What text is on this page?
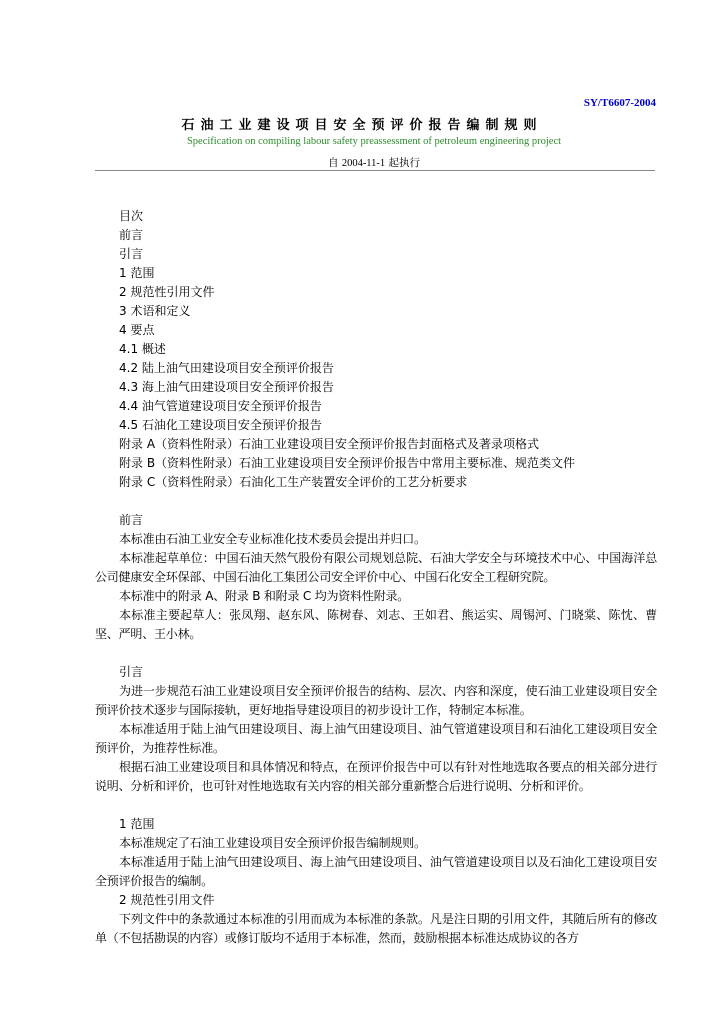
SY/T6607-2004
石油工业建设项目安全预评价报告编制规则
Specification on compiling labour safety preassessment of petroleum engineering project
自 2004-11-1 起执行
目次
前言
引言
1 范围
2 规范性引用文件
3 术语和定义
4 要点
4.1 概述
4.2 陆上油气田建设项目安全预评价报告
4.3 海上油气田建设项目安全预评价报告
4.4 油气管道建设项目安全预评价报告
4.5 石油化工建设项目安全预评价报告
附录 A（资料性附录）石油工业建设项目安全预评价报告封面格式及著录项格式
附录 B（资料性附录）石油工业建设项目安全预评价报告中常用主要标准、规范类文件
附录 C（资料性附录）石油化工生产装置安全评价的工艺分析要求
前言
本标准由石油工业安全专业标准化技术委员会提出并归口。
本标准起草单位：中国石油天然气股份有限公司规划总院、石油大学安全与环境技术中心、中国海洋总公司健康安全环保部、中国石油化工集团公司安全评价中心、中国石化安全工程研究院。
本标准中的附录 A、附录 B 和附录 C 均为资料性附录。
本标准主要起草人：张凤翔、赵东风、陈树春、刘志、王如君、熊运实、周锡河、门晓棠、陈忱、曹坚、严明、王小林。
引言
为进一步规范石油工业建设项目安全预评价报告的结构、层次、内容和深度，使石油工业建设项目安全预评价技术逐步与国际接轨，更好地指导建设项目的初步设计工作，特制定本标准。
本标准适用于陆上油气田建设项目、海上油气田建设项目、油气管道建设项目和石油化工建设项目安全预评价，为推荐性标准。
根据石油工业建设项目和具体情况和特点，在预评价报告中可以有针对性地选取各要点的相关部分进行说明、分析和评价，也可针对性地选取有关内容的相关部分重新整合后进行说明、分析和评价。
1 范围
本标准规定了石油工业建设项目安全预评价报告编制规则。
本标准适用于陆上油气田建设项目、海上油气田建设项目、油气管道建设项目以及石油化工建设项目安全预评价报告的编制。
2 规范性引用文件
下列文件中的条款通过本标准的引用而成为本标准的条款。凡是注日期的引用文件，其随后所有的修改单（不包括勘误的内容）或修订版均不适用于本标准，然而，鼓励根据本标准达成协议的各方
